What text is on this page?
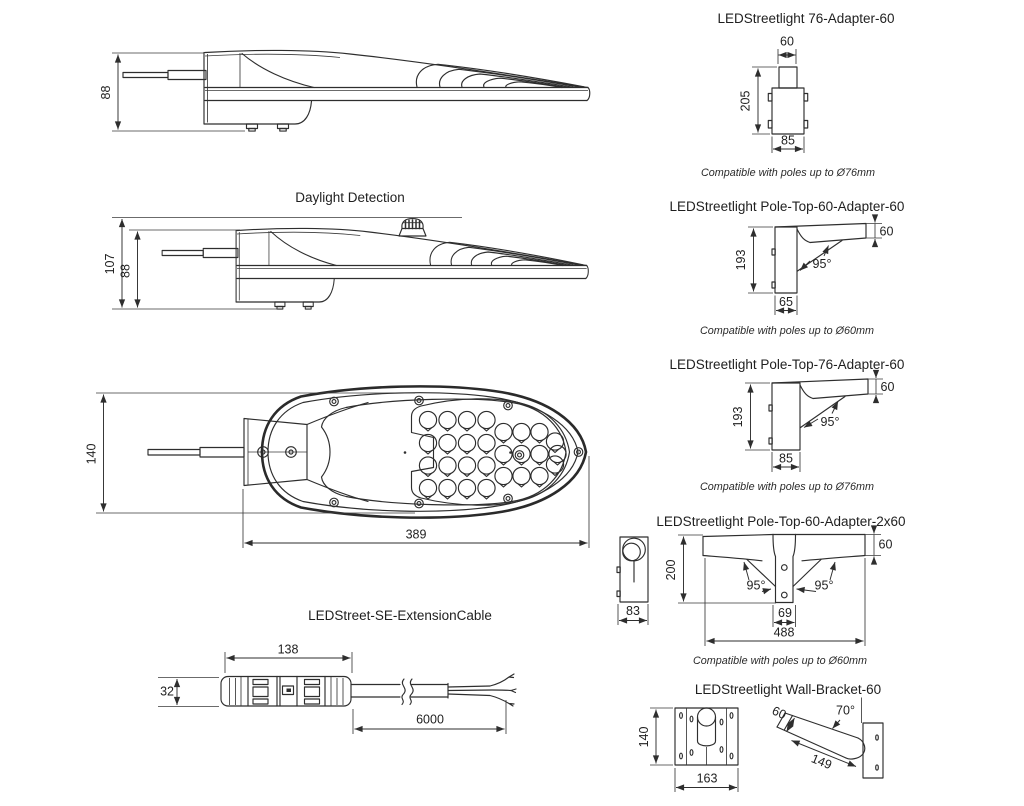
88
Daylight Detection
107 88
140
389
LEDStreet-SE-ExtensionCable
138
32
6000
LEDStreetlight 76-Adapter-60
60
205
85
Compatible with poles up to Ø76mm
LEDStreetlight Pole-Top-60-Adapter-60
193
60
95°
65
Compatible with poles up to Ø60mm
LEDStreetlight Pole-Top-76-Adapter-60
193
60
95°
85
Compatible with poles up to Ø76mm
LEDStreetlight Pole-Top-60-Adapter-2x60
83
200
60
95°	95°
69
488
Compatible with poles up to Ø60mm
LEDStreetlight Wall-Bracket-60
140
163
60	70°
149
